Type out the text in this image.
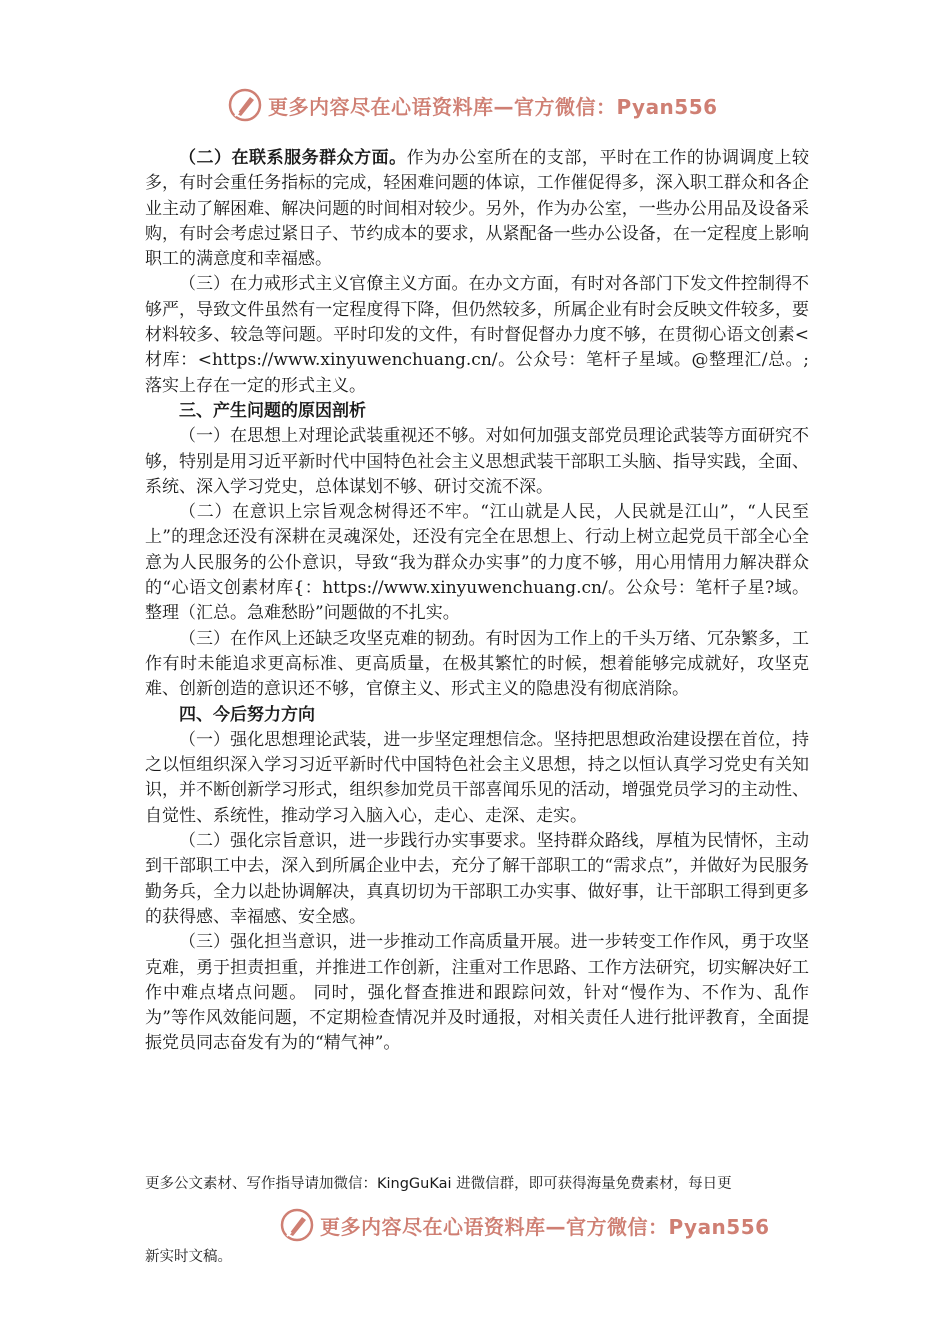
更多内容尽在心语资料库—官方微信：Pyan556

（二）在联系服务群众方面。作为办公室所在的支部，平时在工作的协调调度上较多，有时会重任务指标的完成，轻困难问题的体谅，工作催促得多，深入职工群众和各企业主动了解困难、解决问题的时间相对较少。另外，作为办公室，一些办公用品及设备采购，有时会考虑过紧日子、节约成本的要求，从紧配备一些办公设备，在一定程度上影响职工的满意度和幸福感。

（三）在力戒形式主义官僚主义方面。在办文方面，有时对各部门下发文件控制得不够严，导致文件虽然有一定程度得下降，但仍然较多，所属企业有时会反映文件较多，要材料较多、较急等问题。平时印发的文件，有时督促督办力度不够，在贯彻心语文创素<材库：<https://www.xinyuwenchuang.cn/。公众号：笔杆子星域。@整理汇/总。;落实上存在一定的形式主义。

三、产生问题的原因剖析

（一）在思想上对理论武装重视还不够。对如何加强支部党员理论武装等方面研究不够，特别是用习近平新时代中国特色社会主义思想武装干部职工头脑、指导实践，全面、系统、深入学习党史，总体谋划不够、研讨交流不深。

（二）在意识上宗旨观念树得还不牢。“江山就是人民，人民就是江山”，“人民至上”的理念还没有深耕在灵魂深处，还没有完全在思想上、行动上树立起党员干部全心全意为人民服务的公仆意识，导致“我为群众办实事”的力度不够，用心用情用力解决群众的“心语文创素材库{：https://www.xinyuwenchuang.cn/。公众号：笔杆子星?域。整理（汇总。急难愁盼”问题做的不扎实。

（三）在作风上还缺乏攻坚克难的韧劲。有时因为工作上的千头万绪、冗杂繁多，工作有时未能追求更高标准、更高质量，在极其繁忙的时候，想着能够完成就好，攻坚克难、创新创造的意识还不够，官僚主义、形式主义的隐患没有彻底消除。

四、今后努力方向

（一）强化思想理论武装，进一步坚定理想信念。坚持把思想政治建设摆在首位，持之以恒组织深入学习习近平新时代中国特色社会主义思想，持之以恒认真学习党史有关知识，并不断创新学习形式，组织参加党员干部喜闻乐见的活动，增强党员学习的主动性、自觉性、系统性，推动学习入脑入心，走心、走深、走实。

（二）强化宗旨意识，进一步践行办实事要求。坚持群众路线，厚植为民情怀，主动到干部职工中去，深入到所属企业中去，充分了解干部职工的“需求点”，并做好为民服务勤务兵，全力以赴协调解决，真真切切为干部职工办实事、做好事，让干部职工得到更多的获得感、幸福感、安全感。

（三）强化担当意识，进一步推动工作高质量开展。进一步转变工作作风，勇于攻坚克难，勇于担责担重，并推进工作创新，注重对工作思路、工作方法研究，切实解决好工作中难点堵点问题。 同时，强化督查推进和跟踪问效，针对“慢作为、不作为、乱作为”等作风效能问题，不定期检查情况并及时通报，对相关责任人进行批评教育，全面提振党员同志奋发有为的“精气神”。

更多公文素材、写作指导请加微信：KingGuKai 进微信群，即可获得海量免费素材，每日更
更多内容尽在心语资料库—官方微信：Pyan556
新实时文稿。
